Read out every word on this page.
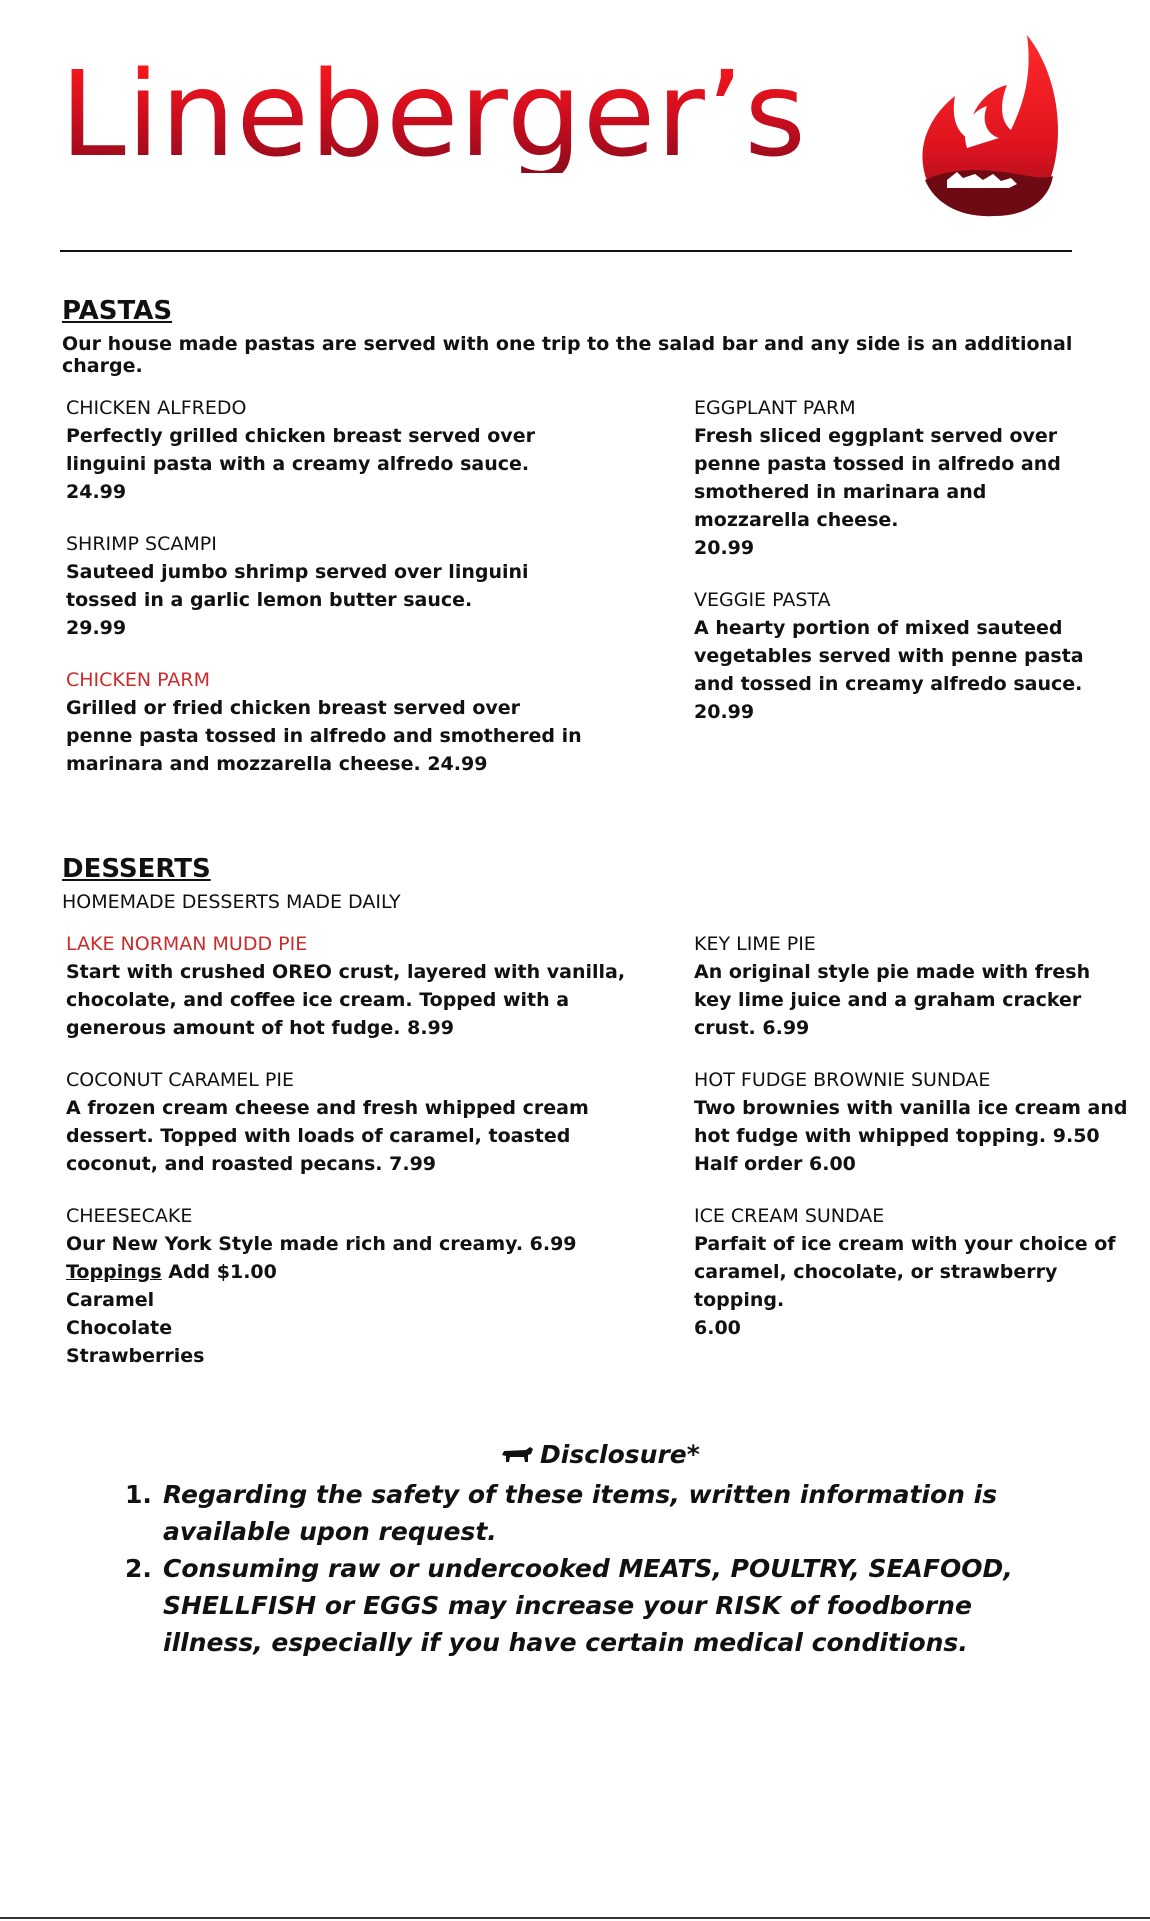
Lineberger’s
PASTAS
Our house made pastas are served with one trip to the salad bar and any side is an additional charge.
CHICKEN ALFREDO
Perfectly grilled chicken breast served over linguini pasta with a creamy alfredo sauce.
24.99
SHRIMP SCAMPI
Sauteed jumbo shrimp served over linguini tossed in a garlic lemon butter sauce.
29.99
CHICKEN PARM
Grilled or fried chicken breast served over penne pasta tossed in alfredo and smothered in marinara and mozzarella cheese. 24.99
EGGPLANT PARM
Fresh sliced eggplant served over penne pasta tossed in alfredo and smothered in marinara and mozzarella cheese.
20.99
VEGGIE PASTA
A hearty portion of mixed sauteed vegetables served with penne pasta and tossed in creamy alfredo sauce.
20.99
DESSERTS
HOMEMADE DESSERTS MADE DAILY
LAKE NORMAN MUDD PIE
Start with crushed OREO crust, layered with vanilla, chocolate, and coffee ice cream. Topped with a generous amount of hot fudge. 8.99
COCONUT CARAMEL PIE
A frozen cream cheese and fresh whipped cream dessert. Topped with loads of caramel, toasted coconut, and roasted pecans. 7.99
CHEESECAKE
Our New York Style made rich and creamy. 6.99
Toppings Add $1.00
Caramel
Chocolate
Strawberries
KEY LIME PIE
An original style pie made with fresh key lime juice and a graham cracker crust. 6.99
HOT FUDGE BROWNIE SUNDAE
Two brownies with vanilla ice cream and hot fudge with whipped topping. 9.50
Half order 6.00
ICE CREAM SUNDAE
Parfait of ice cream with your choice of caramel, chocolate, or strawberry topping.
6.00
Disclosure*
1. Regarding the safety of these items, written information is available upon request.
2. Consuming raw or undercooked MEATS, POULTRY, SEAFOOD, SHELLFISH or EGGS may increase your RISK of foodborne illness, especially if you have certain medical conditions.
